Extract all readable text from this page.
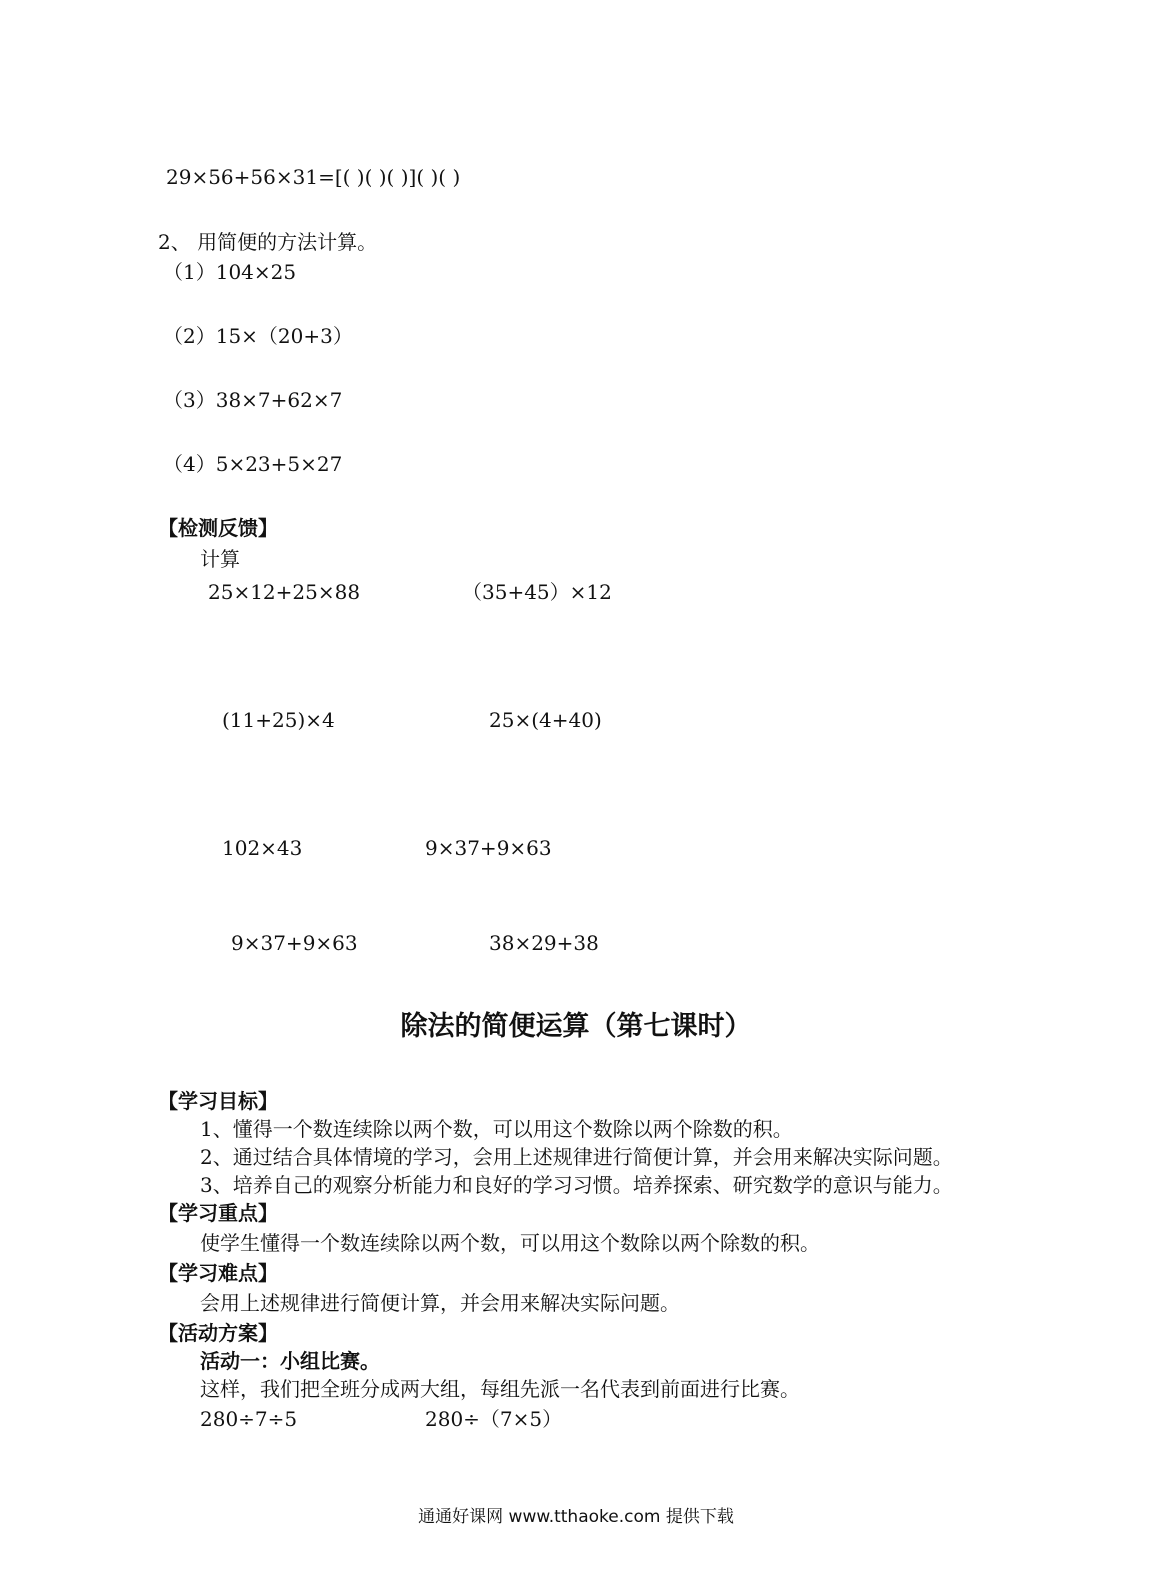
29×56+56×31=[( )( )( )]( )( )
2、 用简便的方法计算。
（1）104×25
（2）15×（20+3）
（3）38×7+62×7
（4）5×23+5×27
【检测反馈】
计算
25×12+25×88	（35+45）×12
(11+25)×4	25×(4+40)
102×43	9×37+9×63
9×37+9×63	38×29+38
除法的简便运算（第七课时）
【学习目标】
1、懂得一个数连续除以两个数，可以用这个数除以两个除数的积。
2、通过结合具体情境的学习，会用上述规律进行简便计算，并会用来解决实际问题。
3、培养自己的观察分析能力和良好的学习习惯。培养探索、研究数学的意识与能力。
【学习重点】
使学生懂得一个数连续除以两个数，可以用这个数除以两个除数的积。
【学习难点】
会用上述规律进行简便计算，并会用来解决实际问题。
【活动方案】
活动一：小组比赛。
这样，我们把全班分成两大组，每组先派一名代表到前面进行比赛。
280÷7÷5	280÷（7×5）
通通好课网 www.tthaoke.com 提供下载
